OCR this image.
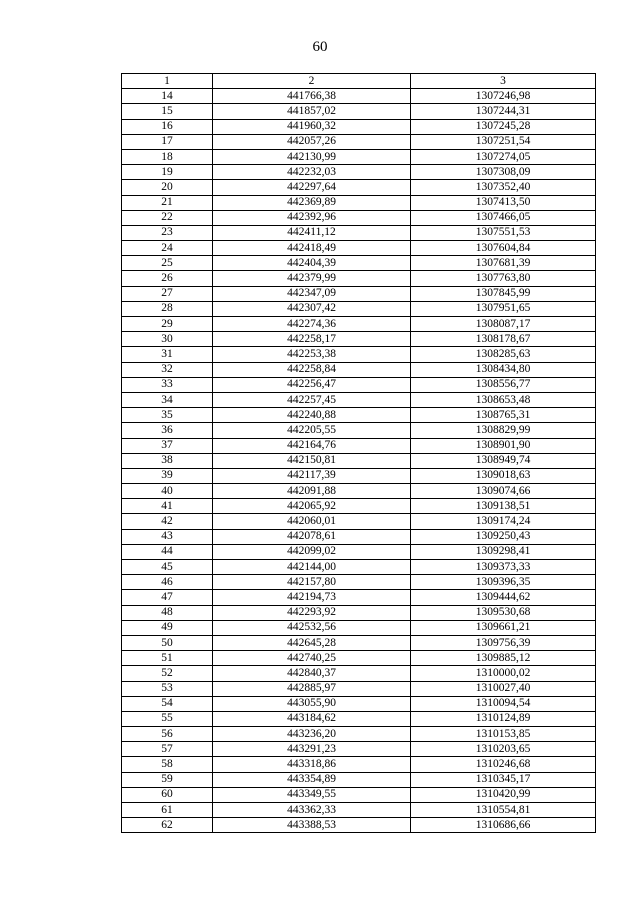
60
1	2	3
14	441766,38	1307246,98
15	441857,02	1307244,31
16	441960,32	1307245,28
17	442057,26	1307251,54
18	442130,99	1307274,05
19	442232,03	1307308,09
20	442297,64	1307352,40
21	442369,89	1307413,50
22	442392,96	1307466,05
23	442411,12	1307551,53
24	442418,49	1307604,84
25	442404,39	1307681,39
26	442379,99	1307763,80
27	442347,09	1307845,99
28	442307,42	1307951,65
29	442274,36	1308087,17
30	442258,17	1308178,67
31	442253,38	1308285,63
32	442258,84	1308434,80
33	442256,47	1308556,77
34	442257,45	1308653,48
35	442240,88	1308765,31
36	442205,55	1308829,99
37	442164,76	1308901,90
38	442150,81	1308949,74
39	442117,39	1309018,63
40	442091,88	1309074,66
41	442065,92	1309138,51
42	442060,01	1309174,24
43	442078,61	1309250,43
44	442099,02	1309298,41
45	442144,00	1309373,33
46	442157,80	1309396,35
47	442194,73	1309444,62
48	442293,92	1309530,68
49	442532,56	1309661,21
50	442645,28	1309756,39
51	442740,25	1309885,12
52	442840,37	1310000,02
53	442885,97	1310027,40
54	443055,90	1310094,54
55	443184,62	1310124,89
56	443236,20	1310153,85
57	443291,23	1310203,65
58	443318,86	1310246,68
59	443354,89	1310345,17
60	443349,55	1310420,99
61	443362,33	1310554,81
62	443388,53	1310686,66
